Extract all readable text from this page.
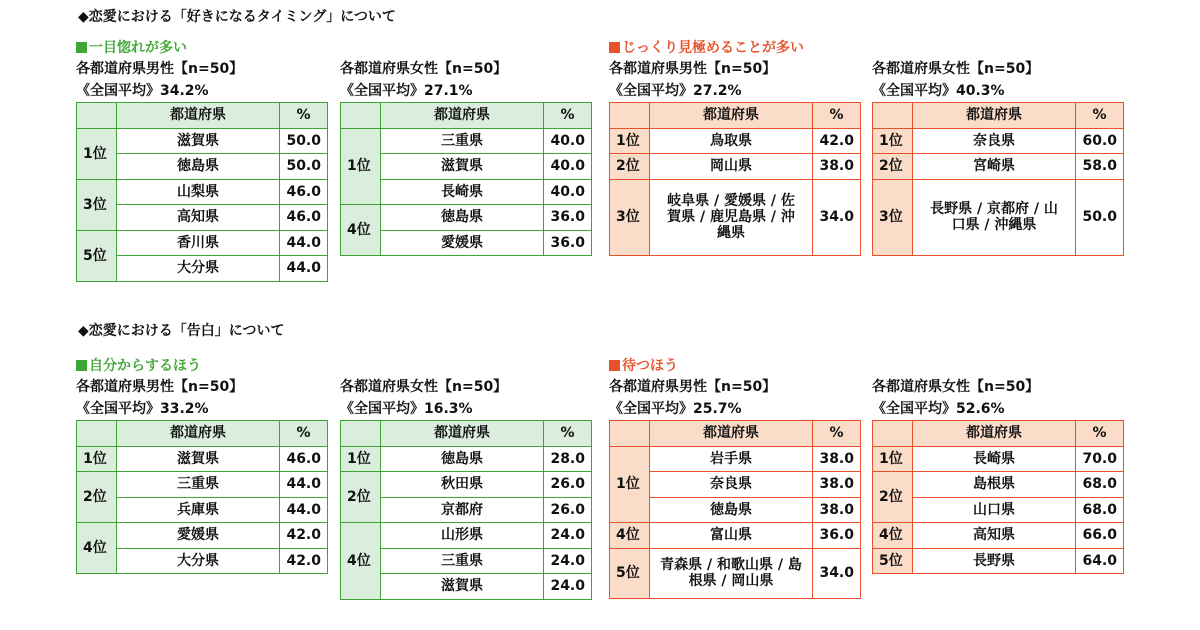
◆恋愛における「好きになるタイミング」について
◆恋愛における「告白」について
一目惚れが多い
各都道府県男性【n=50】
《全国平均》34.2%
	都道府県	%
1位	滋賀県	50.0
	徳島県	50.0
3位	山梨県	46.0
	高知県	46.0
5位	香川県	44.0
	大分県	44.0
各都道府県女性【n=50】
《全国平均》27.1%
	都道府県	%
1位	三重県	40.0
	滋賀県	40.0
	長崎県	40.0
4位	徳島県	36.0
	愛媛県	36.0
じっくり見極めることが多い
各都道府県男性【n=50】
《全国平均》27.2%
	都道府県	%
1位	鳥取県	42.0
2位	岡山県	38.0
3位	岐阜県 / 愛媛県 / 佐賀県 / 鹿児島県 / 沖縄県	34.0
各都道府県女性【n=50】
《全国平均》40.3%
	都道府県	%
1位	奈良県	60.0
2位	宮崎県	58.0
3位	長野県 / 京都府 / 山口県 / 沖縄県	50.0
自分からするほう
各都道府県男性【n=50】
《全国平均》33.2%
	都道府県	%
1位	滋賀県	46.0
2位	三重県	44.0
	兵庫県	44.0
4位	愛媛県	42.0
	大分県	42.0
各都道府県女性【n=50】
《全国平均》16.3%
	都道府県	%
1位	徳島県	28.0
2位	秋田県	26.0
	京都府	26.0
4位	山形県	24.0
	三重県	24.0
	滋賀県	24.0
待つほう
各都道府県男性【n=50】
《全国平均》25.7%
	都道府県	%
1位	岩手県	38.0
	奈良県	38.0
	徳島県	38.0
4位	富山県	36.0
5位	青森県 / 和歌山県 / 島根県 / 岡山県	34.0
各都道府県女性【n=50】
《全国平均》52.6%
	都道府県	%
1位	長崎県	70.0
2位	島根県	68.0
	山口県	68.0
4位	高知県	66.0
5位	長野県	64.0
